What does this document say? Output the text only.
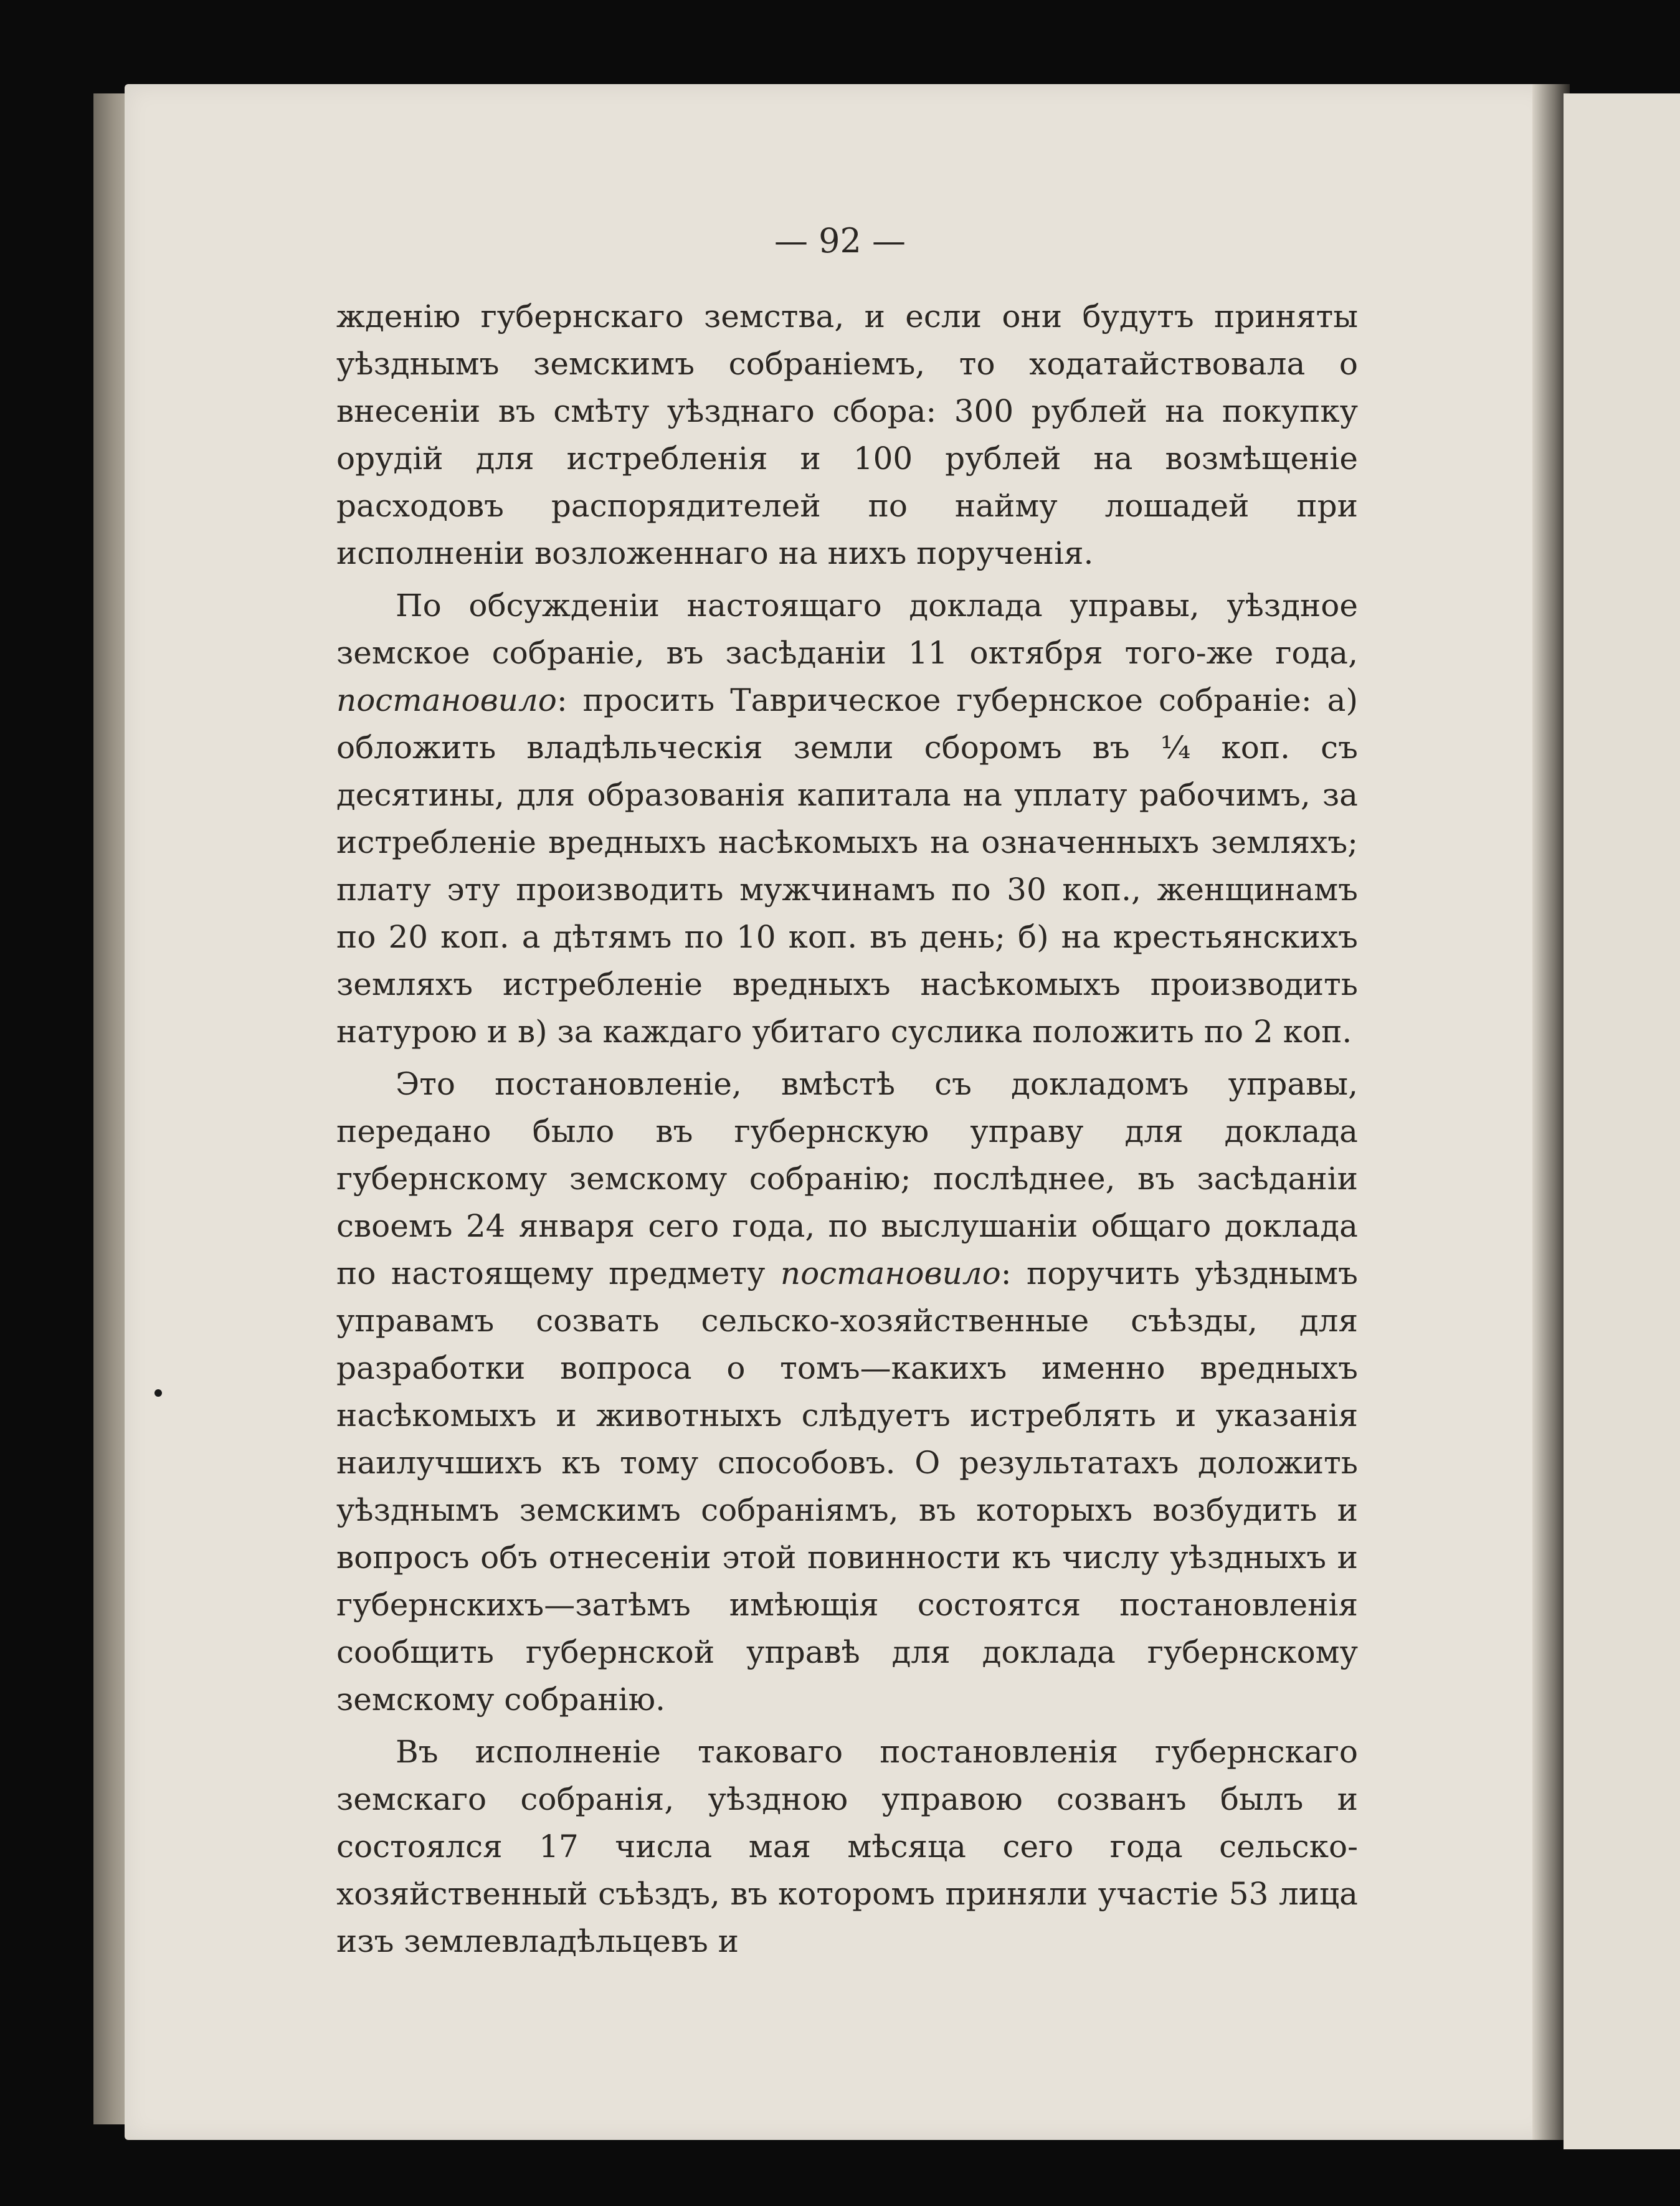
— 92 —

жденію губернскаго земства, и если они будутъ приняты уѣзднымъ земскимъ собраніемъ, то ходатайствовала о внесеніи въ смѣту уѣзднаго сбора: 300 рублей на покупку орудій для истребленія и 100 рублей на возмѣщеніе расходовъ распорядителей по найму лошадей при исполненіи возложеннаго на нихъ порученія.

По обсужденіи настоящаго доклада управы, уѣздное земское собраніе, въ засѣданіи 11 октября того-же года, постановило: просить Таврическое губернское собраніе: а) обложить владѣльческія земли сборомъ въ ¼ коп. съ десятины, для образованія капитала на уплату рабочимъ, за истребленіе вредныхъ насѣкомыхъ на означенныхъ земляхъ; плату эту производить мужчинамъ по 30 коп., женщинамъ по 20 коп. а дѣтямъ по 10 коп. въ день; б) на крестьянскихъ земляхъ истребленіе вредныхъ насѣкомыхъ производить натурою и в) за каждаго убитаго суслика положить по 2 коп.

Это постановленіе, вмѣстѣ съ докладомъ управы, передано было въ губернскую управу для доклада губернскому земскому собранію; послѣднее, въ засѣданіи своемъ 24 января сего года, по выслушаніи общаго доклада по настоящему предмету постановило: поручить уѣзднымъ управамъ созвать сельско-хозяйственные съѣзды, для разработки вопроса о томъ—какихъ именно вредныхъ насѣкомыхъ и животныхъ слѣдуетъ истреблять и указанія наилучшихъ къ тому способовъ. О результатахъ доложить уѣзднымъ земскимъ собраніямъ, въ которыхъ возбудить и вопросъ объ отнесеніи этой повинности къ числу уѣздныхъ и губернскихъ—затѣмъ имѣющія состоятся постановленія сообщить губернской управѣ для доклада губернскому земскому собранію.

Въ исполненіе таковаго постановленія губернскаго земскаго собранія, уѣздною управою созванъ былъ и состоялся 17 числа мая мѣсяца сего года сельско-хозяйственный съѣздъ, въ которомъ приняли участіе 53 лица изъ землевладѣльцевъ и
